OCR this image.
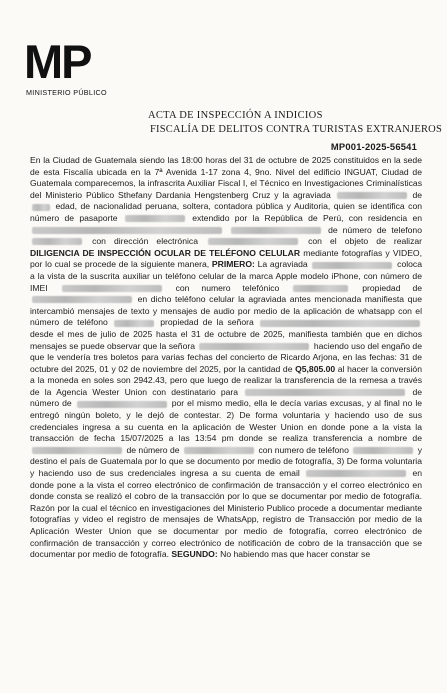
MP
MINISTERIO PÚBLICO
ACTA DE INSPECCIÓN A INDICIOS
FISCALÍA DE DELITOS CONTRA TURISTAS EXTRANJEROS
MP001-2025-56541

En la Ciudad de Guatemala siendo las 18:00 horas del 31 de octubre de 2025 constituidos en la sede de esta Fiscalía ubicada en la 7ª Avenida 1-17 zona 4, 9no. Nivel del edificio INGUAT, Ciudad de Guatemala comparecemos, la infrascrita Auxiliar Fiscal I, el Técnico en Investigaciones Criminalísticas del Ministerio Público Sthefany Dardania Hengstenberg Cruz y la agraviada	de  edad, de nacionalidad peruana, soltera, contadora pública y Auditoria, quien se identifica con número de pasaporte	extendido por la República de Perú, con residencia en   de número de telefono  con dirección electrónica	con el objeto de realizar DILIGENCIA DE INSPECCIÓN OCULAR DE TELÉFONO CELULAR mediante fotografías y VIDEO, por lo cual se procede de la siguiente manera, PRIMERO: La agraviada	coloca a la vista de la suscrita auxiliar un teléfono celular de la marca Apple modelo iPhone, con número de IMEI	con numero telefónico	propiedad de  en dicho teléfono celular la agraviada antes mencionada manifiesta que intercambió mensajes de texto y mensajes de audio por medio de la aplicación de whatsapp con el número de teléfono	propiedad de la señora  desde el mes de julio de 2025 hasta el 31 de octubre de 2025, manifiesta también que en dichos mensajes se puede observar que la señora	haciendo uso del engaño de que le vendería tres boletos para varias fechas del concierto de Ricardo Arjona, en las fechas: 31 de octubre del 2025, 01 y 02 de noviembre del 2025, por la cantidad de Q5,805.00 al hacer la conversión a la moneda en soles son 2942.43, pero que luego de realizar la transferencia de la remesa a través de la Agencia Wester Union con destinatario para	de número de	por el mismo medio, ella le decía varias excusas, y al final no le entregó ningún boleto, y le dejó de contestar. 2) De forma voluntaria y haciendo uso de sus credenciales ingresa a su cuenta en la aplicación de Wester Union en donde pone a la vista la transacción de fecha 15/07/2025 a las 13:54 pm donde se realiza transferencia a nombre de  de número de	con numero de teléfono	y destino el país de Guatemala por lo que se documento por medio de fotografía, 3) De forma voluntaria y haciendo uso de sus credenciales ingresa a su cuenta de email	en donde pone a la vista el correo electrónico de confirmación de transacción y el correo electrónico en donde consta se realizó el cobro de la transacción por lo que se documentar por medio de fotografía. Razón por la cual el técnico en investigaciones del Ministerio Publico procede a documentar mediante fotografías y video el registro de mensajes de WhatsApp, registro de Transacción por medio de la Aplicación Wester Union que se documentar por medio de fotografía, correo electrónico de confirmación de transacción y correo electrónico de notificación de cobro de la transacción que se documentar por medio de fotografía. SEGUNDO: No habiendo mas que hacer constar se
